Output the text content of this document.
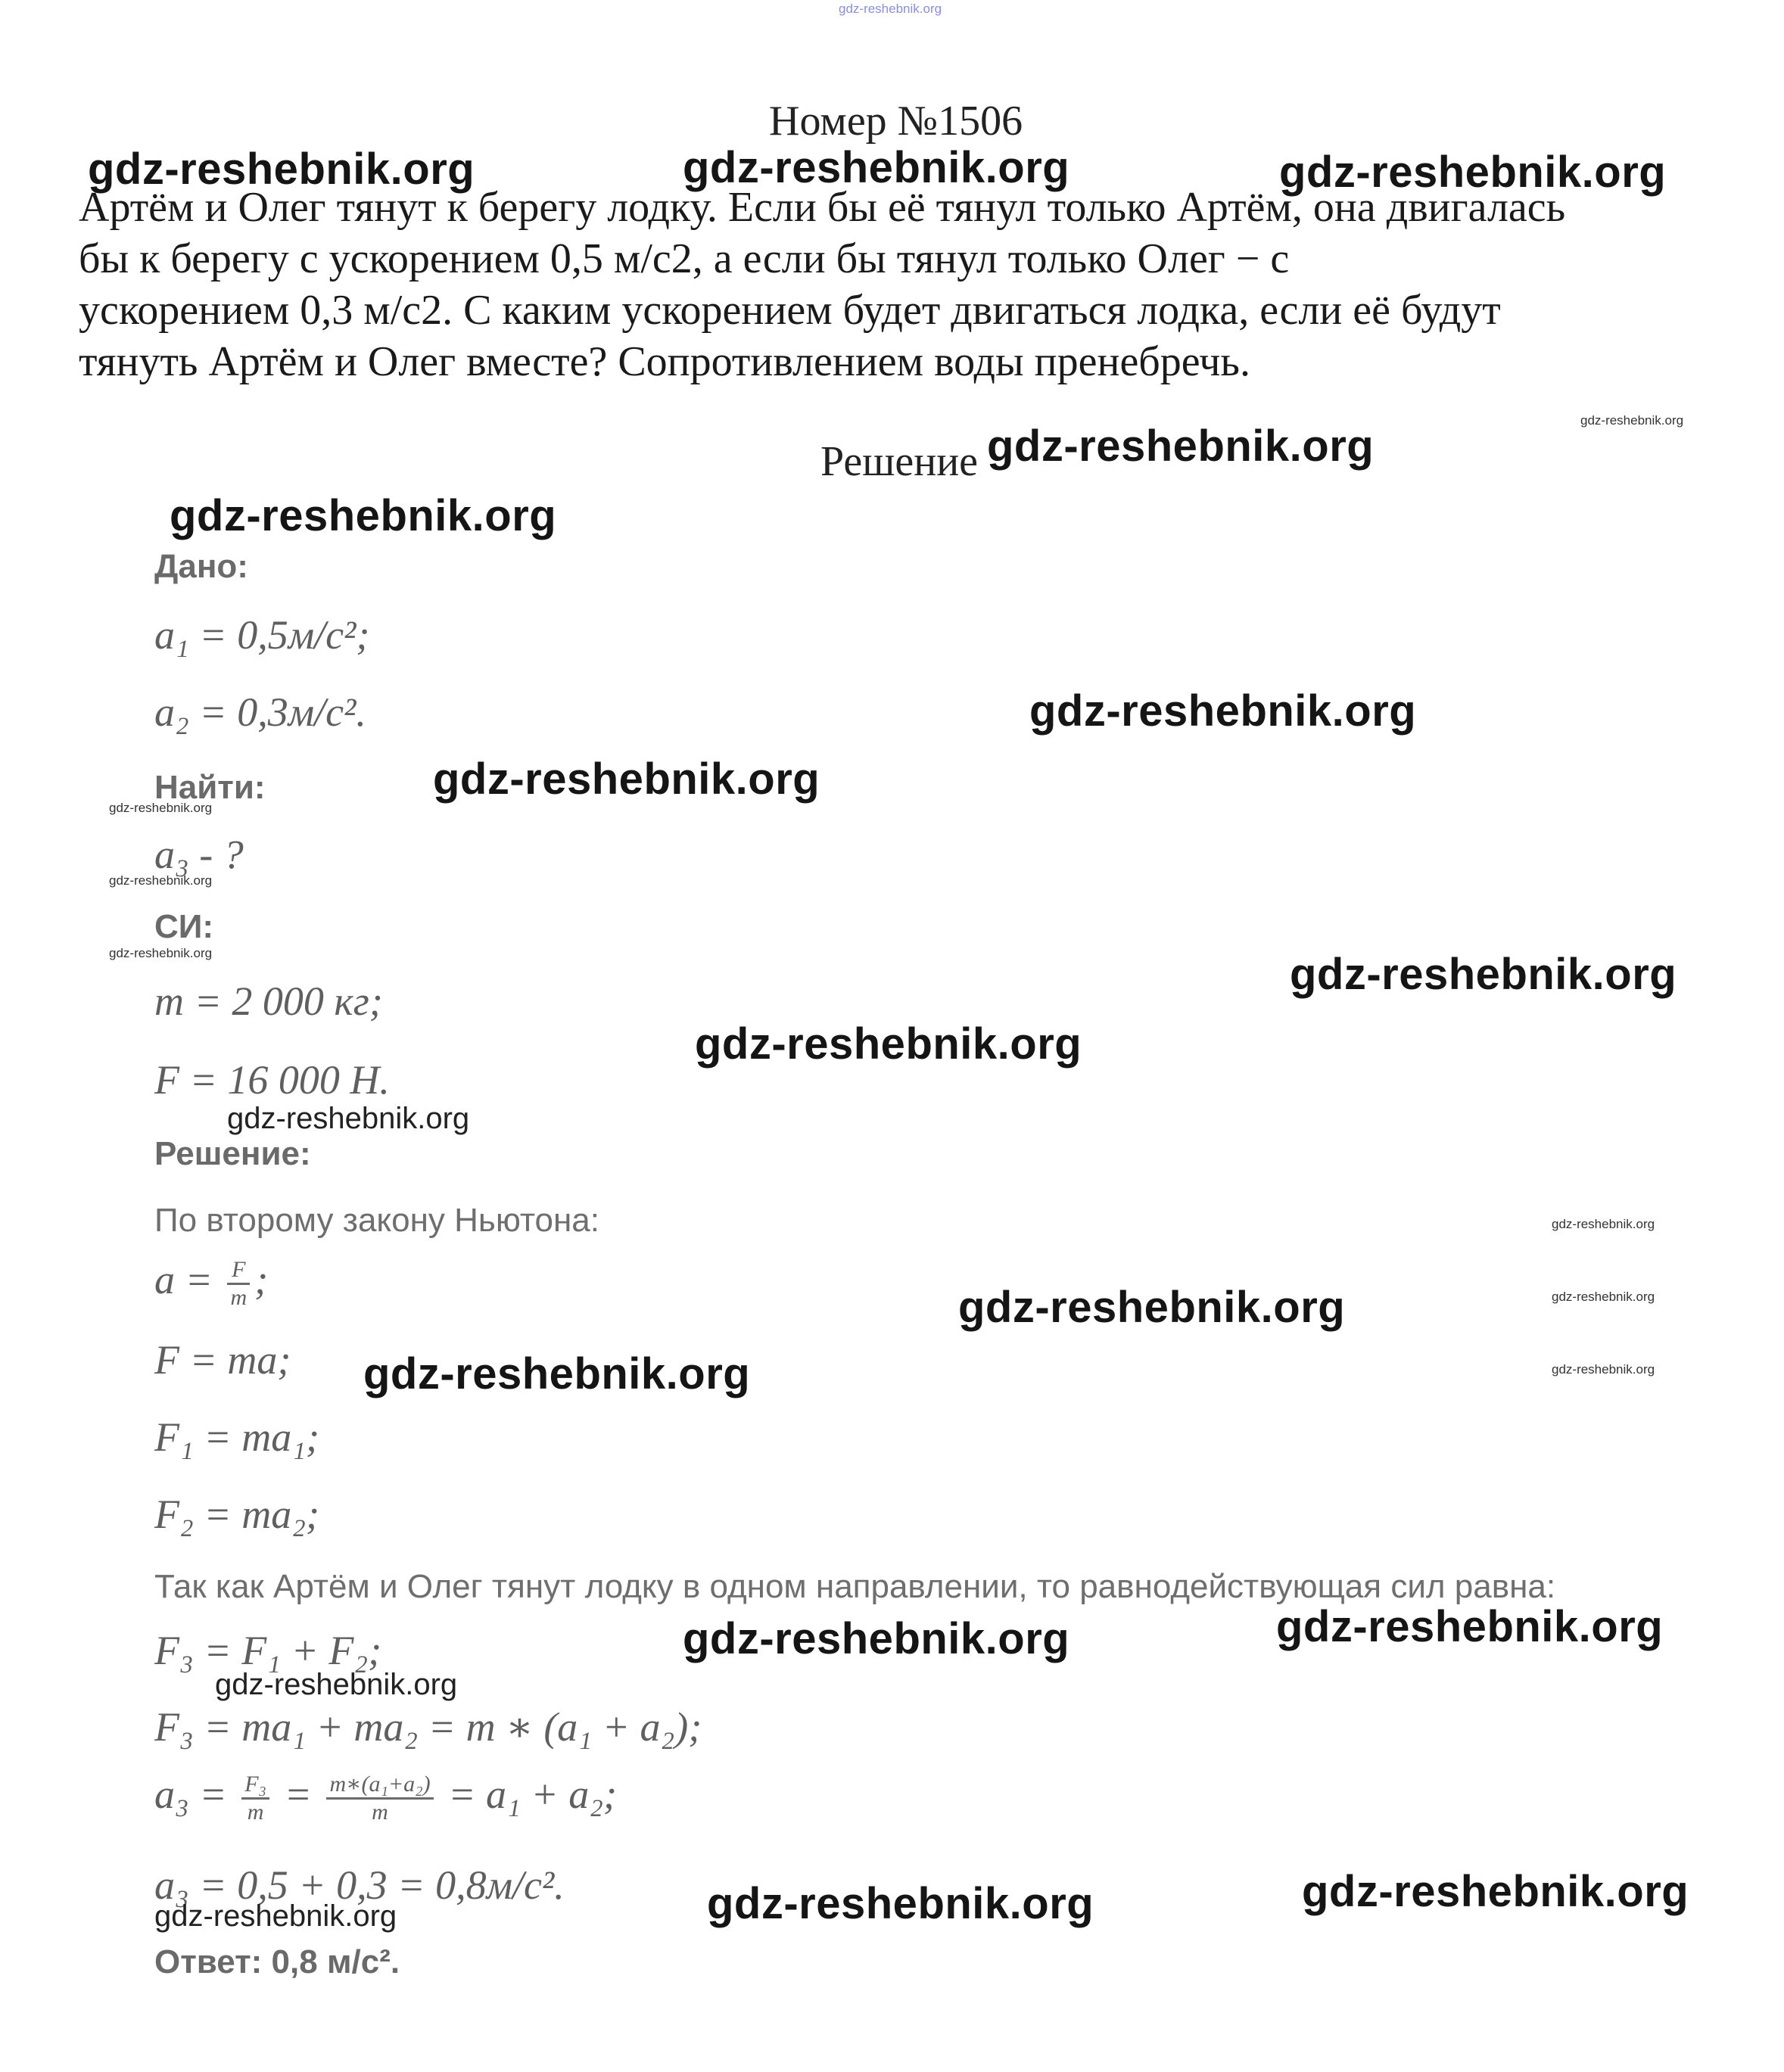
gdz-reshebnik.org
Номер №1506

Артём и Олег тянут к берегу лодку. Если бы её тянул только Артём, она двигалась

бы к берегу с ускорением 0,5 м/с2, а если бы тянул только Олег − с

ускорением 0,3 м/с2. С каким ускорением будет двигаться лодка, если её будут

тянуть Артём и Олег вместе? Сопротивлением воды пренебречь.

Решение
Дано:
a₁ = 0,5м/с²;
a₂ = 0,3м/с².
Найти:
a₃ - ?
СИ:
m = 2 000 кг;
F = 16 000 Н.
Решение:
По второму закону Ньютона:
$a = \frac{F}{m}$ ;
F = ma;
F₁ = ma₁;
F₂ = ma₂;
Так как Артём и Олег тянут лодку в одном направлении, то равнодействующая сил равна:
F₃ = F₁ + F₂;
F₃ = ma₁ + ma₂ = m ∗ (a₁ + a₂);
$a_3 = \frac{\text{F₃}}{m} = \frac{\text{m∗(a₁+a₂)}}{m} = a_1 + a_2$;
a₃ = 0,5 + 0,3 = 0,8м/с².
Ответ: 0,8 м/с².
gdz-reshebnik.org	gdz-reshebnik.org	gdz-reshebnik.org
gdz-reshebnik.org
gdz-reshebnik.org
gdz-reshebnik.org
gdz-reshebnik.org
gdz-reshebnik.org
gdz-reshebnik.org
gdz-reshebnik.org
gdz-reshebnik.org	gdz-reshebnik.org
gdz-reshebnik.org
gdz-reshebnik.org
gdz-reshebnik.org
gdz-reshebnik.org
gdz-reshebnik.org
gdz-reshebnik.org
gdz-reshebnik.org
gdz-reshebnik.org
gdz-reshebnik.org
gdz-reshebnik.org
gdz-reshebnik.org
gdz-reshebnik.org
gdz-reshebnik.org
